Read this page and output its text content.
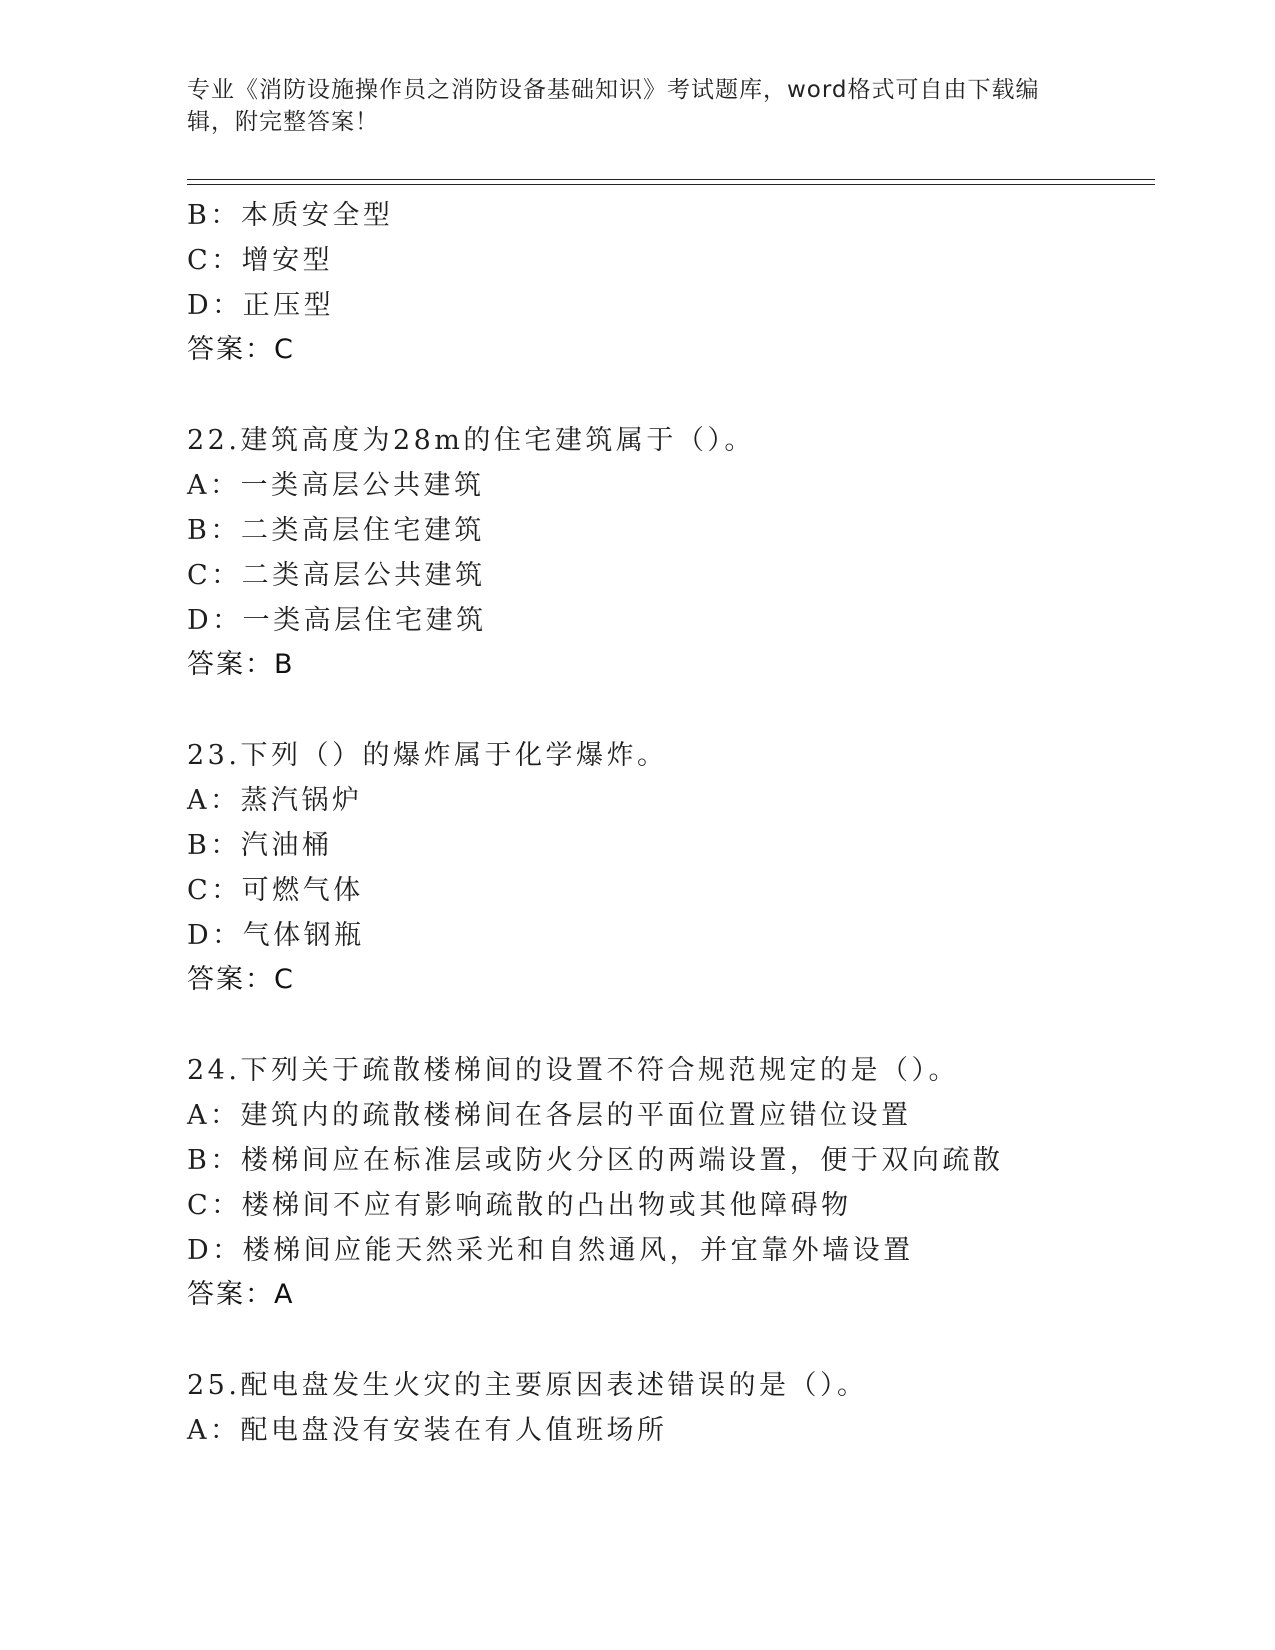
专业《消防设施操作员之消防设备基础知识》考试题库，word格式可自由下载编辑，附完整答案！
B：本质安全型
C：增安型
D：正压型
答案：C
22.建筑高度为28m的住宅建筑属于（）。
A：一类高层公共建筑
B：二类高层住宅建筑
C：二类高层公共建筑
D：一类高层住宅建筑
答案：B
23.下列（）的爆炸属于化学爆炸。
A：蒸汽锅炉
B：汽油桶
C：可燃气体
D：气体钢瓶
答案：C
24.下列关于疏散楼梯间的设置不符合规范规定的是（）。
A：建筑内的疏散楼梯间在各层的平面位置应错位设置
B：楼梯间应在标准层或防火分区的两端设置，便于双向疏散
C：楼梯间不应有影响疏散的凸出物或其他障碍物
D：楼梯间应能天然采光和自然通风，并宜靠外墙设置
答案：A
25.配电盘发生火灾的主要原因表述错误的是（）。
A：配电盘没有安装在有人值班场所
